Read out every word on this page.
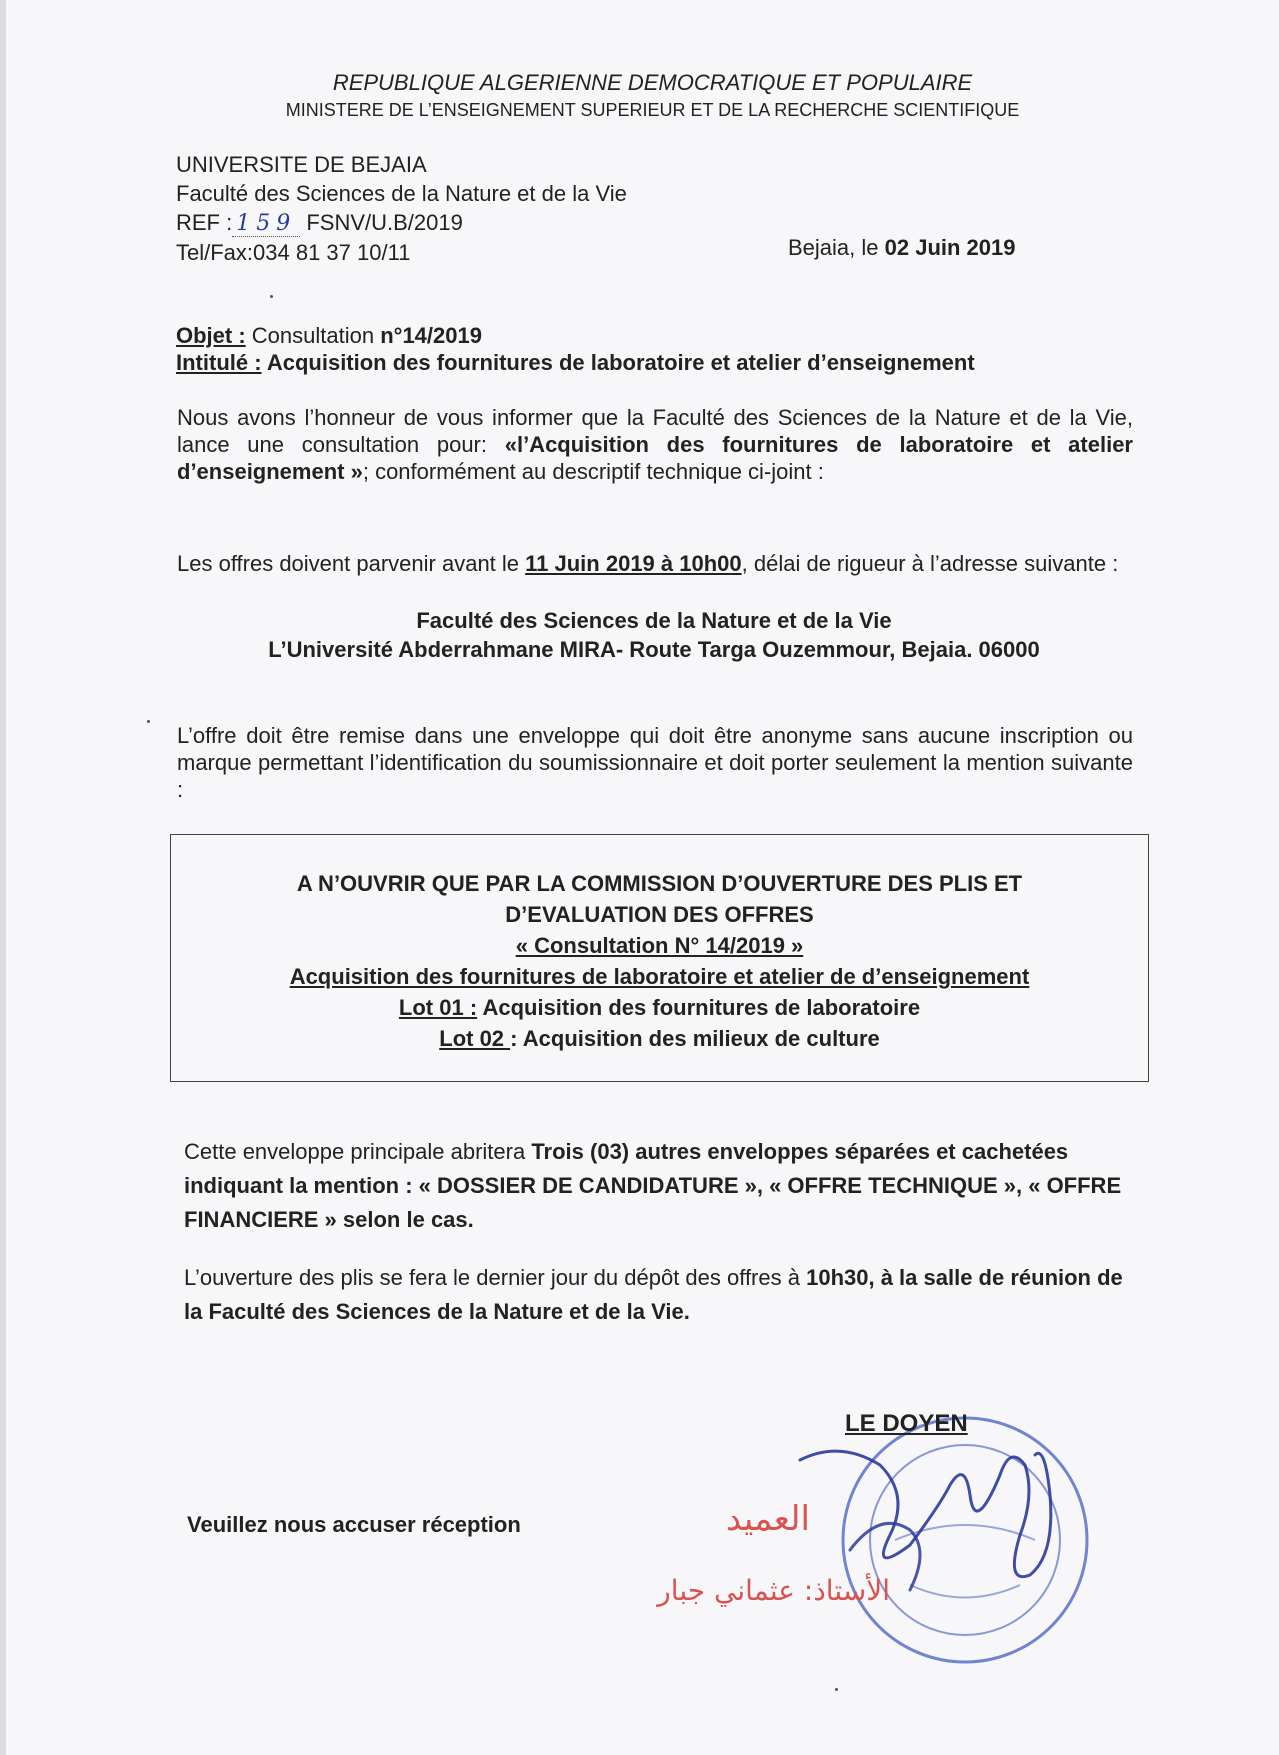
REPUBLIQUE ALGERIENNE DEMOCRATIQUE ET POPULAIRE
MINISTERE DE L’ENSEIGNEMENT SUPERIEUR ET DE LA RECHERCHE SCIENTIFIQUE
UNIVERSITE DE BEJAIA
Faculté des Sciences de la Nature et de la Vie
REF : 159 FSNV/U.B/2019
Tel/Fax:034 81 37 10/11	Bejaia, le 02 Juin 2019
Objet : Consultation n°14/2019
Intitulé : Acquisition des fournitures de laboratoire et atelier d’enseignement
Nous avons l’honneur de vous informer que la Faculté des Sciences de la Nature et de la Vie, lance une consultation pour: «l’Acquisition des fournitures de laboratoire et atelier d’enseignement »; conformément au descriptif technique ci-joint :
Les offres doivent parvenir avant le 11 Juin 2019 à 10h00, délai de rigueur à l’adresse suivante :
Faculté des Sciences de la Nature et de la Vie
L’Université Abderrahmane MIRA- Route Targa Ouzemmour, Bejaia. 06000
L’offre doit être remise dans une enveloppe qui doit être anonyme sans aucune inscription ou marque permettant l’identification du soumissionnaire et doit porter seulement la mention suivante :
A N’OUVRIR QUE PAR LA COMMISSION D’OUVERTURE DES PLIS ET
D’EVALUATION DES OFFRES
« Consultation N° 14/2019 »
Acquisition des fournitures de laboratoire et atelier de d’enseignement
Lot 01 : Acquisition des fournitures de laboratoire
Lot 02 : Acquisition des milieux de culture
Cette enveloppe principale abritera Trois (03) autres enveloppes séparées et cachetées indiquant la mention : « DOSSIER DE CANDIDATURE », « OFFRE TECHNIQUE », « OFFRE FINANCIERE » selon le cas.
L’ouverture des plis se fera le dernier jour du dépôt des offres à 10h30, à la salle de réunion de la Faculté des Sciences de la Nature et de la Vie.
Veuillez nous accuser réception	العميد
الأستاذ: عثماني جبار
LE DOYEN
